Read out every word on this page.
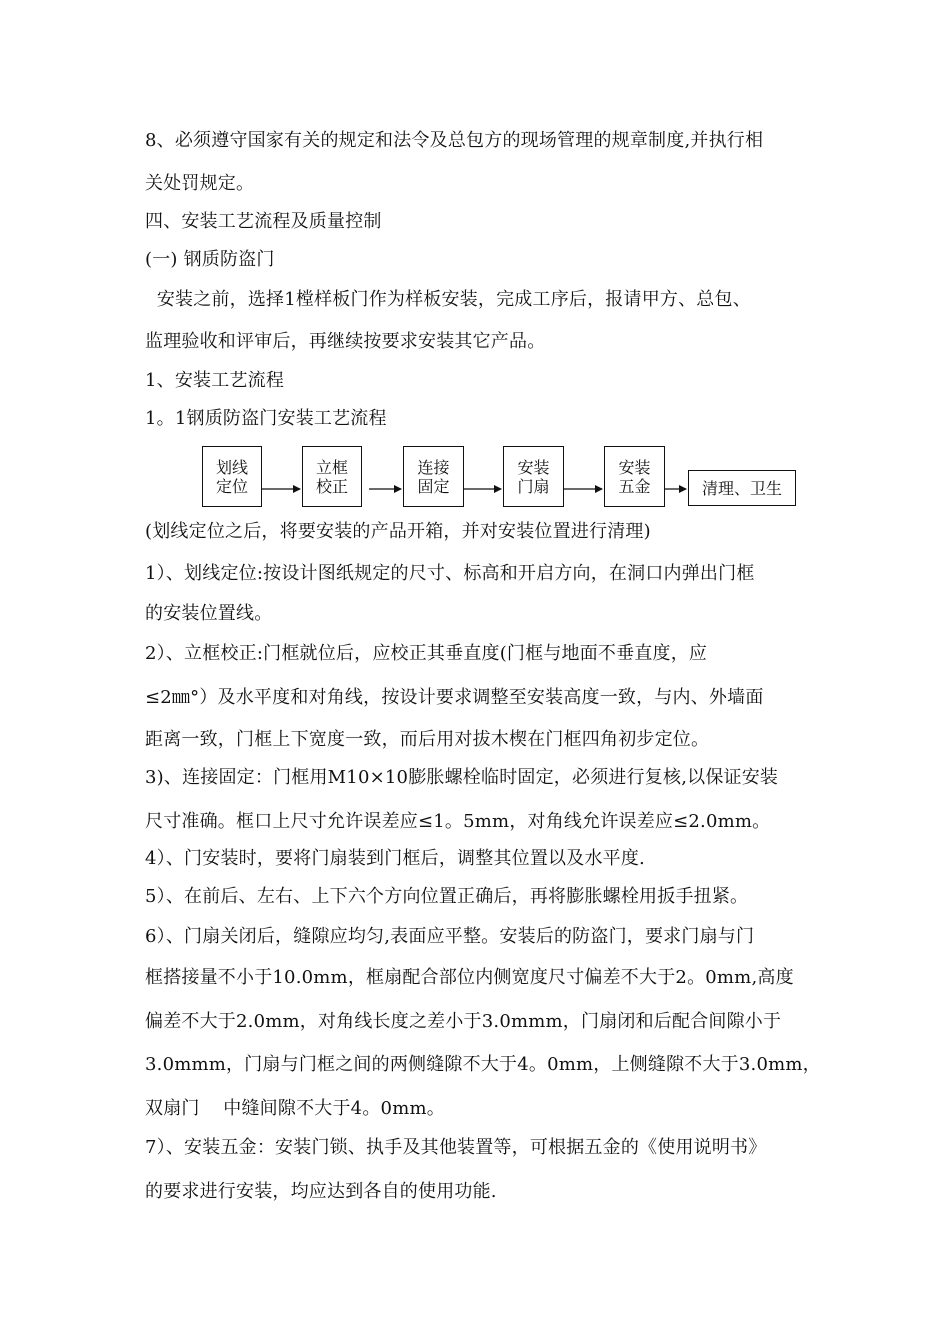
8、必须遵守国家有关的规定和法令及总包方的现场管理的规章制度,并执行相
关处罚规定。
四、安装工艺流程及质量控制
(一) 钢质防盗门
安装之前，选择1樘样板门作为样板安装，完成工序后，报请甲方、总包、
监理验收和评审后，再继续按要求安装其它产品。
1、安装工艺流程
1。1钢质防盗门安装工艺流程
划线
定位
立框
校正
连接
固定
安装
门扇
安装
五金	清理、卫生
(划线定位之后，将要安装的产品开箱，并对安装位置进行清理)
1）、划线定位:按设计图纸规定的尺寸、标高和开启方向，在洞口内弹出门框
的安装位置线。
2）、立框校正:门框就位后，应校正其垂直度(门框与地面不垂直度，应
≤2㎜°）及水平度和对角线，按设计要求调整至安装高度一致，与内、外墙面
距离一致，门框上下宽度一致，而后用对拔木楔在门框四角初步定位。
3)、连接固定：门框用M10×10膨胀螺栓临时固定，必须进行复核,以保证安装
尺寸准确。框口上尺寸允许误差应≤1。5mm，对角线允许误差应≤2.0mm。
4）、门安装时，要将门扇装到门框后，调整其位置以及水平度.
5）、在前后、左右、上下六个方向位置正确后，再将膨胀螺栓用扳手扭紧。
6）、门扇关闭后，缝隙应均匀,表面应平整。安装后的防盗门，要求门扇与门
框搭接量不小于10.0mm，框扇配合部位内侧宽度尺寸偏差不大于2。0mm,高度
偏差不大于2.0mm，对角线长度之差小于3.0mmm，门扇闭和后配合间隙小于
3.0mmm，门扇与门框之间的两侧缝隙不大于4。0mm，上侧缝隙不大于3.0mm，
双扇门    中缝间隙不大于4。0mm。
7）、安装五金：安装门锁、执手及其他装置等，可根据五金的《使用说明书》
的要求进行安装，均应达到各自的使用功能.
